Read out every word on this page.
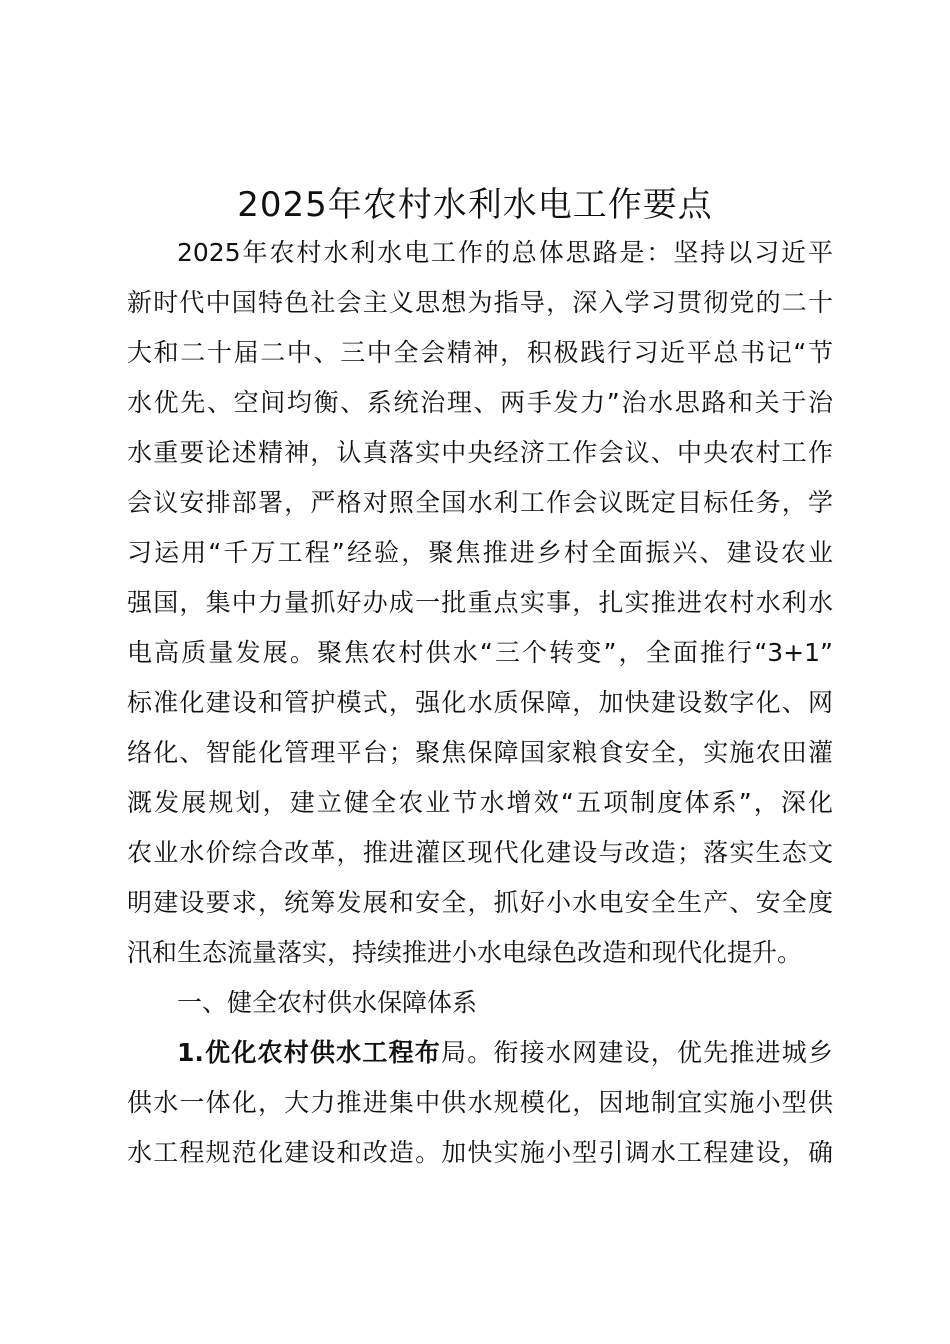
2025年农村水利水电工作要点
2025年农村水利水电工作的总体思路是：坚持以习近平
新时代中国特色社会主义思想为指导，深入学习贯彻党的二十
大和二十届二中、三中全会精神，积极践行习近平总书记“节
水优先、空间均衡、系统治理、两手发力”治水思路和关于治
水重要论述精神，认真落实中央经济工作会议、中央农村工作
会议安排部署，严格对照全国水利工作会议既定目标任务，学
习运用“千万工程”经验，聚焦推进乡村全面振兴、建设农业
强国，集中力量抓好办成一批重点实事，扎实推进农村水利水
电高质量发展。聚焦农村供水“三个转变”，全面推行“3+1”
标准化建设和管护模式，强化水质保障，加快建设数字化、网
络化、智能化管理平台；聚焦保障国家粮食安全，实施农田灌
溉发展规划，建立健全农业节水增效“五项制度体系”，深化
农业水价综合改革，推进灌区现代化建设与改造；落实生态文
明建设要求，统筹发展和安全，抓好小水电安全生产、安全度
汛和生态流量落实，持续推进小水电绿色改造和现代化提升。
一、健全农村供水保障体系
1.优化农村供水工程布局。衔接水网建设，优先推进城乡
供水一体化，大力推进集中供水规模化，因地制宜实施小型供
水工程规范化建设和改造。加快实施小型引调水工程建设，确
